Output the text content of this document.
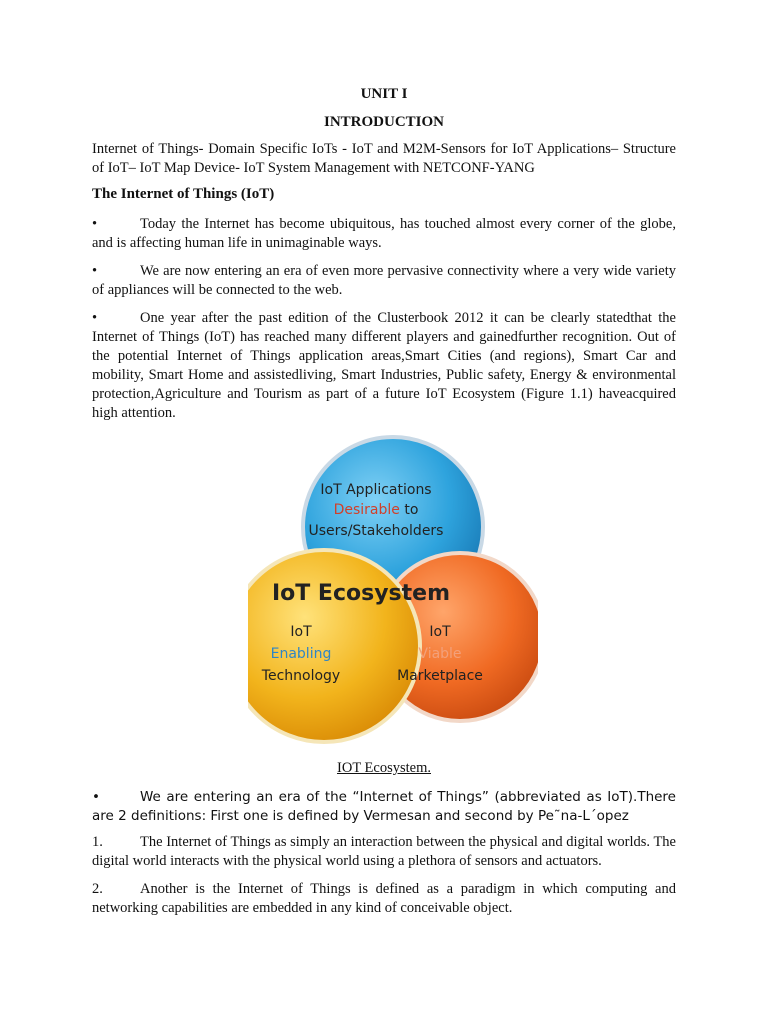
UNIT I
INTRODUCTION
Internet of Things- Domain Specific IoTs - IoT and M2M-Sensors for IoT Applications– Structure of IoT– IoT Map Device- IoT System Management with NETCONF-YANG
The Internet of Things (IoT)
•	Today the Internet has become ubiquitous, has touched almost every corner of the globe, and is affecting human life in unimaginable ways.
•	We are now entering an era of even more pervasive connectivity where a very wide variety of appliances will be connected to the web.
•	One year after the past edition of the Clusterbook 2012 it can be clearly statedthat the Internet of Things (IoT) has reached many different players and gainedfurther recognition. Out of the potential Internet of Things application areas,Smart Cities (and regions), Smart Car and mobility, Smart Home and assistedliving, Smart Industries, Public safety, Energy & environmental protection,Agriculture and Tourism as part of a future IoT Ecosystem (Figure 1.1) haveacquired high attention.
IoT Applications
Desirable to
Users/Stakeholders
IoT Ecosystem
IoT
Enabling
Technology
IoT
Viable
Marketplace
IOT Ecosystem.
•	We are entering an era of the “Internet of Things” (abbreviated as IoT).There are 2 definitions: First one is defined by Vermesan and second by Pe˜na-L´opez
1.	The Internet of Things as simply an interaction between the physical and digital worlds. The digital world interacts with the physical world using a plethora of sensors and actuators.
2.	Another is the Internet of Things is defined as a paradigm in which computing and networking capabilities are embedded in any kind of conceivable object.
